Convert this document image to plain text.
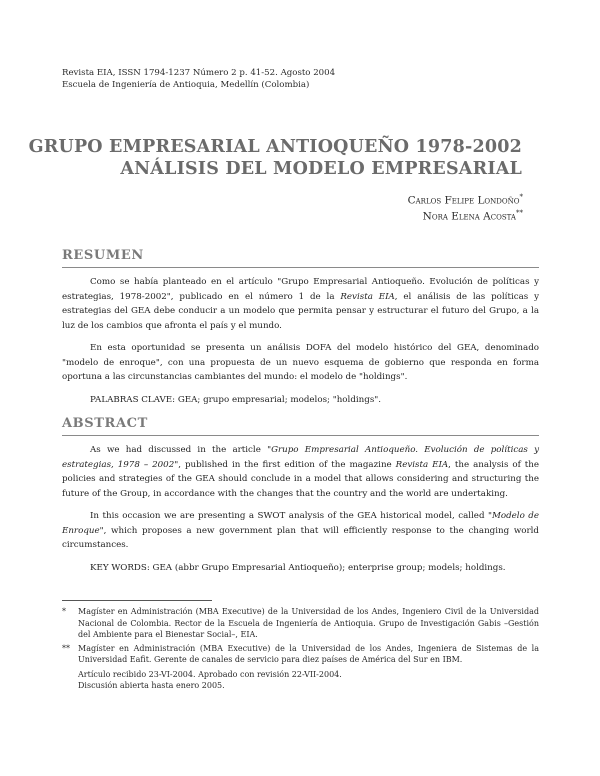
Revista EIA, ISSN 1794-1237 Número 2 p. 41-52. Agosto 2004
Escuela de Ingeniería de Antioquia, Medellín (Colombia)
GRUPO EMPRESARIAL ANTIOQUEÑO 1978-2002
ANÁLISIS DEL MODELO EMPRESARIAL
Carlos Felipe Londoño*
Nora Elena Acosta**
RESUMEN

Como se había planteado en el artículo "Grupo Empresarial Antioqueño. Evolución de políticas y estrategias, 1978-2002", publicado en el número 1 de la Revista EIA, el análisis de las políticas y estrategias del GEA debe conducir a un modelo que permita pensar y estructurar el futuro del Grupo, a la luz de los cambios que afronta el país y el mundo.

En esta oportunidad se presenta un análisis DOFA del modelo histórico del GEA, denominado "modelo de enroque", con una propuesta de un nuevo esquema de gobierno que responda en forma oportuna a las circunstancias cambiantes del mundo: el modelo de "holdings".

PALABRAS CLAVE: GEA; grupo empresarial; modelos; "holdings".

ABSTRACT

As we had discussed in the article "Grupo Empresarial Antioqueño. Evolución de políticas y estrategias, 1978 – 2002", published in the first edition of the magazine Revista EIA, the analysis of the policies and strategies of the GEA should conclude in a model that allows considering and structuring the future of the Group, in accordance with the changes that the country and the world are undertaking.

In this occasion we are presenting a SWOT analysis of the GEA historical model, called "Modelo de Enroque", which proposes a new government plan that will efficiently response to the changing world circumstances.

KEY WORDS: GEA (abbr Grupo Empresarial Antioqueño); enterprise group; models; holdings.

*	Magíster en Administración (MBA Executive) de la Universidad de los Andes, Ingeniero Civil de la Universidad Nacional de Colombia. Rector de la Escuela de Ingeniería de Antioquia. Grupo de Investigación Gabis –Gestión del Ambiente para el Bienestar Social–, EIA.
**	Magíster en Administración (MBA Executive) de la Universidad de los Andes, Ingeniera de Sistemas de la Universidad Eafit. Gerente de canales de servicio para diez países de América del Sur en IBM.
Artículo recibido 23-VI-2004. Aprobado con revisión 22-VII-2004.
Discusión abierta hasta enero 2005.
